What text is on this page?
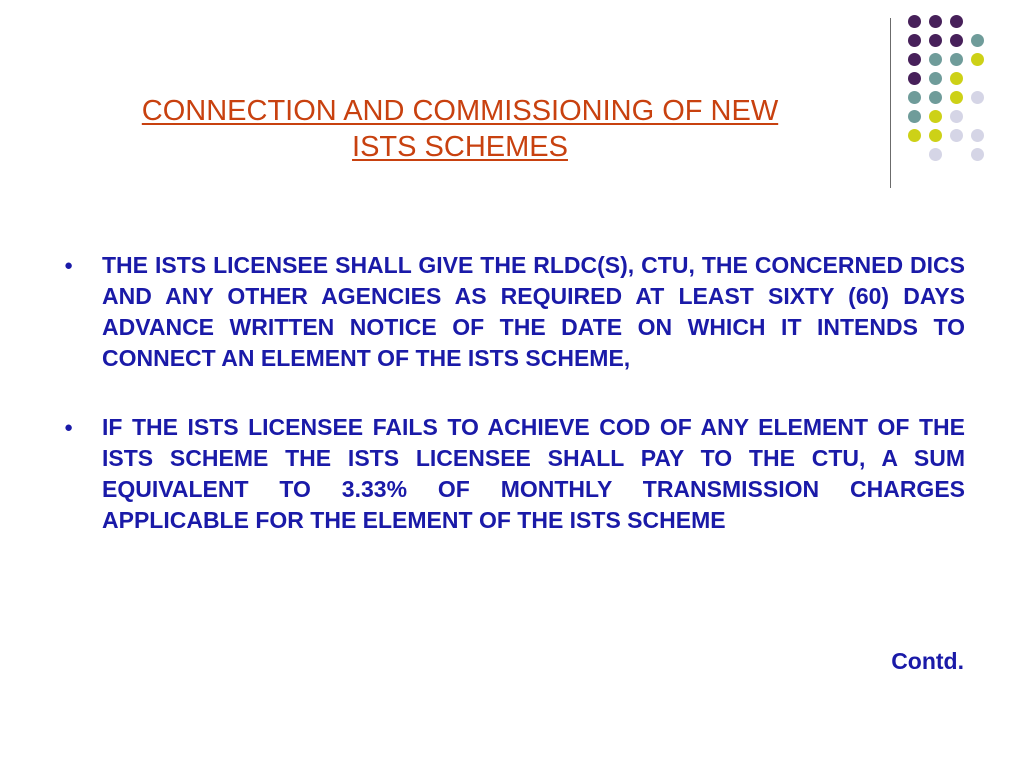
CONNECTION AND COMMISSIONING OF NEW
ISTS SCHEMES
● THE ISTS LICENSEE SHALL GIVE THE RLDC(S), CTU, THE CONCERNED DICS AND ANY OTHER AGENCIES AS REQUIRED AT LEAST SIXTY (60) DAYS ADVANCE WRITTEN NOTICE OF THE DATE ON WHICH IT INTENDS TO CONNECT AN ELEMENT OF THE ISTS SCHEME,
● IF THE ISTS LICENSEE FAILS TO ACHIEVE COD OF ANY ELEMENT OF THE ISTS SCHEME THE ISTS LICENSEE SHALL PAY TO THE CTU, A SUM EQUIVALENT TO 3.33% OF MONTHLY TRANSMISSION CHARGES APPLICABLE FOR THE ELEMENT OF THE ISTS SCHEME
Contd.
